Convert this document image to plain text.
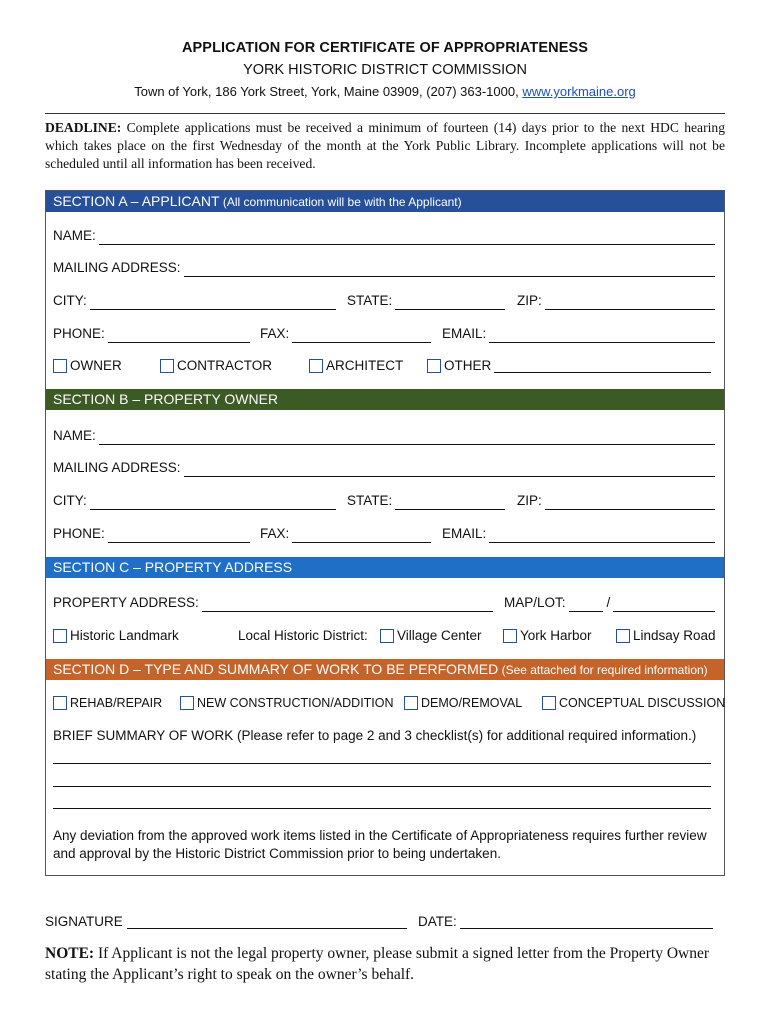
APPLICATION FOR CERTIFICATE OF APPROPRIATENESS
YORK HISTORIC DISTRICT COMMISSION
Town of York, 186 York Street, York, Maine 03909, (207) 363-1000, www.yorkmaine.org
DEADLINE: Complete applications must be received a minimum of fourteen (14) days prior to the next HDC hearing which takes place on the first Wednesday of the month at the York Public Library. Incomplete applications will not be scheduled until all information has been received.
SECTION A – APPLICANT (All communication will be with the Applicant)
NAME:
MAILING ADDRESS:
CITY:	STATE:	ZIP:
PHONE:	FAX:	EMAIL:
OWNER	CONTRACTOR	ARCHITECT	OTHER
SECTION B – PROPERTY OWNER
NAME:
MAILING ADDRESS:
CITY:	STATE:	ZIP:
PHONE:	FAX:	EMAIL:
SECTION C – PROPERTY ADDRESS
PROPERTY ADDRESS:	MAP/LOT:	/
Historic Landmark	Local Historic District: Village Center	York Harbor	Lindsay Road
SECTION D – TYPE AND SUMMARY OF WORK TO BE PERFORMED (See attached for required information)
REHAB/REPAIR	NEW CONSTRUCTION/ADDITION DEMO/REMOVAL	CONCEPTUAL DISCUSSION
BRIEF SUMMARY OF WORK (Please refer to page 2 and 3 checklist(s) for additional required information.)
Any deviation from the approved work items listed in the Certificate of Appropriateness requires further review and approval by the Historic District Commission prior to being undertaken.
SIGNATURE	DATE:
NOTE: If Applicant is not the legal property owner, please submit a signed letter from the Property Owner stating the Applicant’s right to speak on the owner’s behalf.
